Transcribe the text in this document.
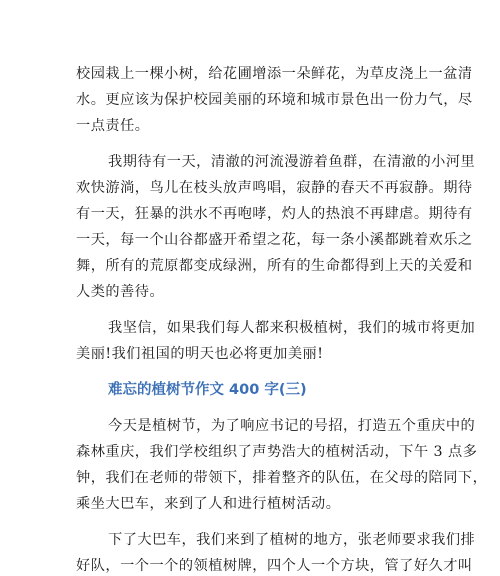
校园栽上一棵小树，给花圃增添一朵鲜花，为草皮浇上一盆清
水。更应该为保护校园美丽的环境和城市景色出一份力气，尽
一点责任。
我期待有一天，清澈的河流漫游着鱼群，在清澈的小河里
欢快游淌，鸟儿在枝头放声鸣唱，寂静的春天不再寂静。期待
有一天，狂暴的洪水不再咆哮，灼人的热浪不再肆虐。期待有
一天，每一个山谷都盛开希望之花，每一条小溪都跳着欢乐之
舞，所有的荒原都变成绿洲，所有的生命都得到上天的关爱和
人类的善待。
我坚信，如果我们每人都来积极植树，我们的城市将更加
美丽!我们祖国的明天也必将更加美丽!
难忘的植树节作文 400 字(三)
今天是植树节，为了响应书记的号招，打造五个重庆中的
森林重庆，我们学校组织了声势浩大的植树活动，下午 3 点多
钟，我们在老师的带领下，排着整齐的队伍，在父母的陪同下，
乘坐大巴车，来到了人和进行植树活动。
下了大巴车，我们来到了植树的地方，张老师要求我们排
好队，一个一个的领植树牌，四个人一个方块，管了好久才叫
